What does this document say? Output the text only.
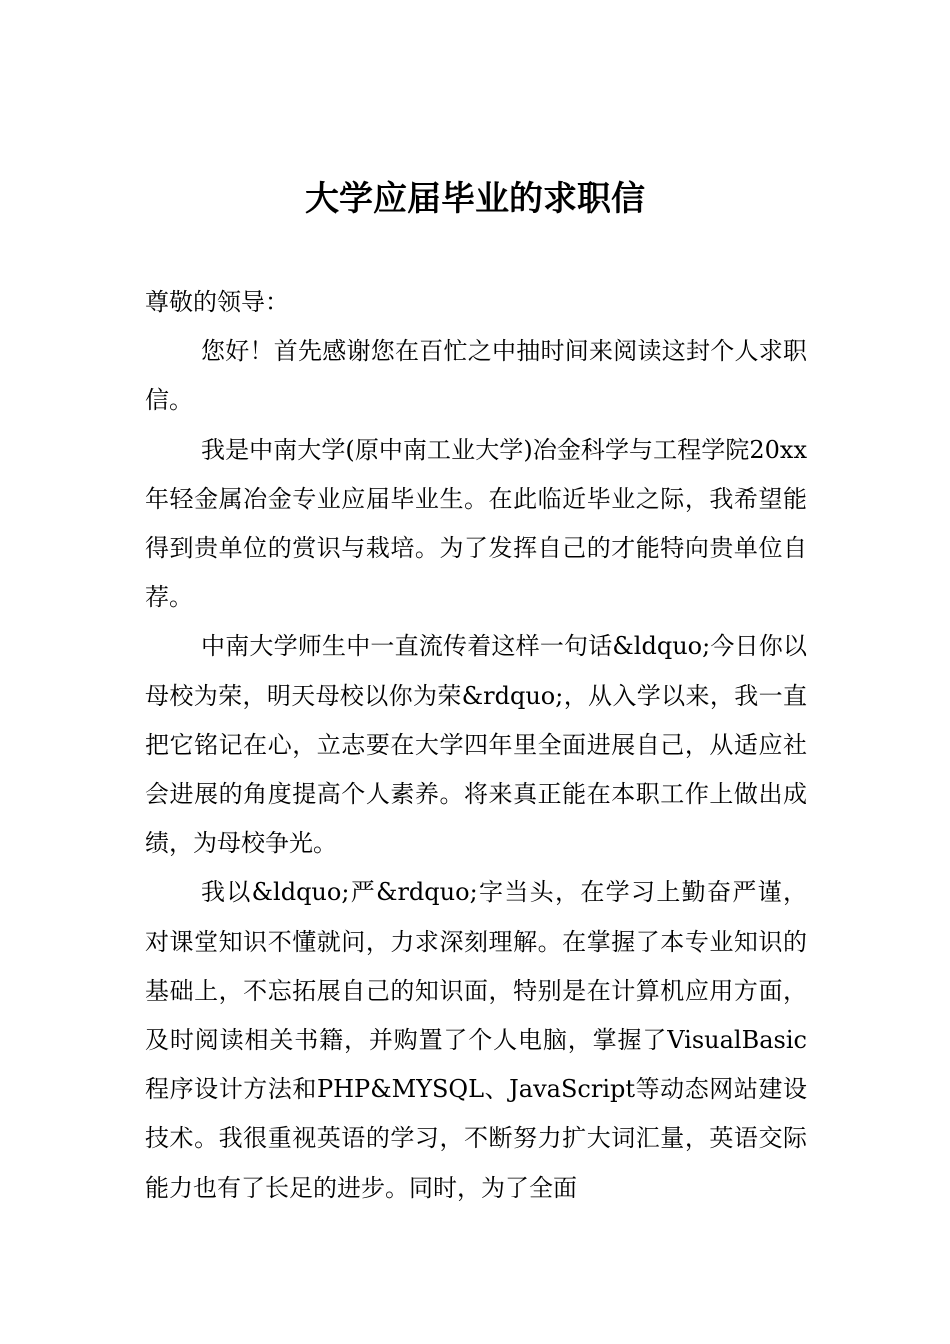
大学应届毕业的求职信

尊敬的领导：

您好！首先感谢您在百忙之中抽时间来阅读这封个人求职信。

我是中南大学(原中南工业大学)冶金科学与工程学院20xx年轻金属冶金专业应届毕业生。在此临近毕业之际，我希望能得到贵单位的赏识与栽培。为了发挥自己的才能特向贵单位自荐。

中南大学师生中一直流传着这样一句话&ldquo;今日你以母校为荣，明天母校以你为荣&rdquo;，从入学以来，我一直把它铭记在心，立志要在大学四年里全面进展自己，从适应社会进展的角度提高个人素养。将来真正能在本职工作上做出成绩，为母校争光。

我以&ldquo;严&rdquo;字当头，在学习上勤奋严谨，对课堂知识不懂就问，力求深刻理解。在掌握了本专业知识的基础上，不忘拓展自己的知识面，特别是在计算机应用方面，及时阅读相关书籍，并购置了个人电脑，掌握了VisualBasic程序设计方法和PHP&MYSQL、JavaScript等动态网站建设技术。我很重视英语的学习，不断努力扩大词汇量，英语交际能力也有了长足的进步。同时，为了全面
